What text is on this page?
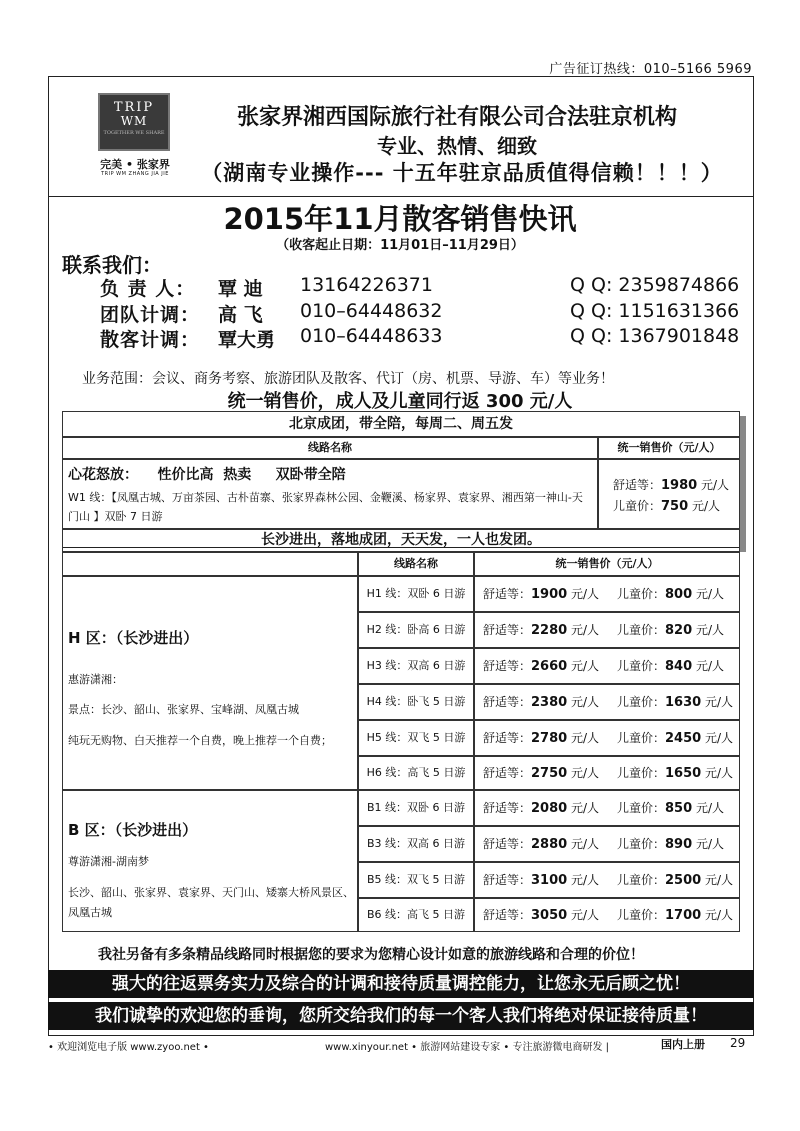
广告征订热线：010–5166 5969
TRIP
WM
TOGETHER WE SHARE
完美 • 张家界
TRIP WM ZHANG JIA JIE
张家界湘西国际旅行社有限公司合法驻京机构
专业、热情、细致
（湖南专业操作--- 十五年驻京品质值得信赖！！！）
2015年11月散客销售快讯
（收客起止日期：11月01日–11月29日）
联系我们：
负 责 人： 覃 迪 13164226371	Q Q: 2359874866
团队计调： 高 飞 010–64448632	Q Q: 1151631366
散客计调： 覃大勇 010–64448633	Q Q: 1367901848
业务范围：会议、商务考察、旅游团队及散客、代订（房、机票、导游、车）等业务！
统一销售价，成人及儿童同行返 300 元/人
北京成团，带全陪，每周二、周五发
线路名称	统一销售价（元/人）
心花怒放：    性价比高  热卖     双卧带全陪
W1 线：【凤凰古城、万亩茶园、古朴苗寨、张家界森林公园、金鞭溪、杨家界、袁家界、湘西第一神山-天门山 】双卧 7 日游
舒适等：1980 元/人
儿童价：750 元/人
长沙进出，落地成团，天天发，一人也发团。
线路名称	统一销售价（元/人）
H 区：（长沙进出）
惠游潇湘：
景点：长沙、韶山、张家界、宝峰湖、凤凰古城
纯玩无购物、白天推荐一个自费，晚上推荐一个自费；
H1 线：双卧 6 日游	舒适等：1900 元/人 儿童价：800 元/人
H2 线：卧高 6 日游	舒适等：2280 元/人 儿童价：820 元/人
H3 线：双高 6 日游	舒适等：2660 元/人 儿童价：840 元/人
H4 线：卧飞 5 日游	舒适等：2380 元/人 儿童价：1630 元/人
H5 线：双飞 5 日游	舒适等：2780 元/人 儿童价：2450 元/人
H6 线：高飞 5 日游	舒适等：2750 元/人 儿童价：1650 元/人
B 区：（长沙进出）
尊游潇湘-湖南梦
长沙、韶山、张家界、袁家界、天门山、矮寨大桥风景区、凤凰古城
B1 线：双卧 6 日游	舒适等：2080 元/人 儿童价：850 元/人
B3 线：双高 6 日游	舒适等：2880 元/人 儿童价：890 元/人
B5 线：双飞 5 日游	舒适等：3100 元/人 儿童价：2500 元/人
B6 线：高飞 5 日游	舒适等：3050 元/人 儿童价：1700 元/人
我社另备有多条精品线路同时根据您的要求为您精心设计如意的旅游线路和合理的价位！
强大的往返票务实力及综合的计调和接待质量调控能力，让您永无后顾之忧！
我们诚挚的欢迎您的垂询，您所交给我们的每一个客人我们将绝对保证接待质量！
• 欢迎浏览电子版 www.zyoo.net •	www.xinyour.net • 旅游网站建设专家 • 专注旅游微电商研发 |	国内上册 29
